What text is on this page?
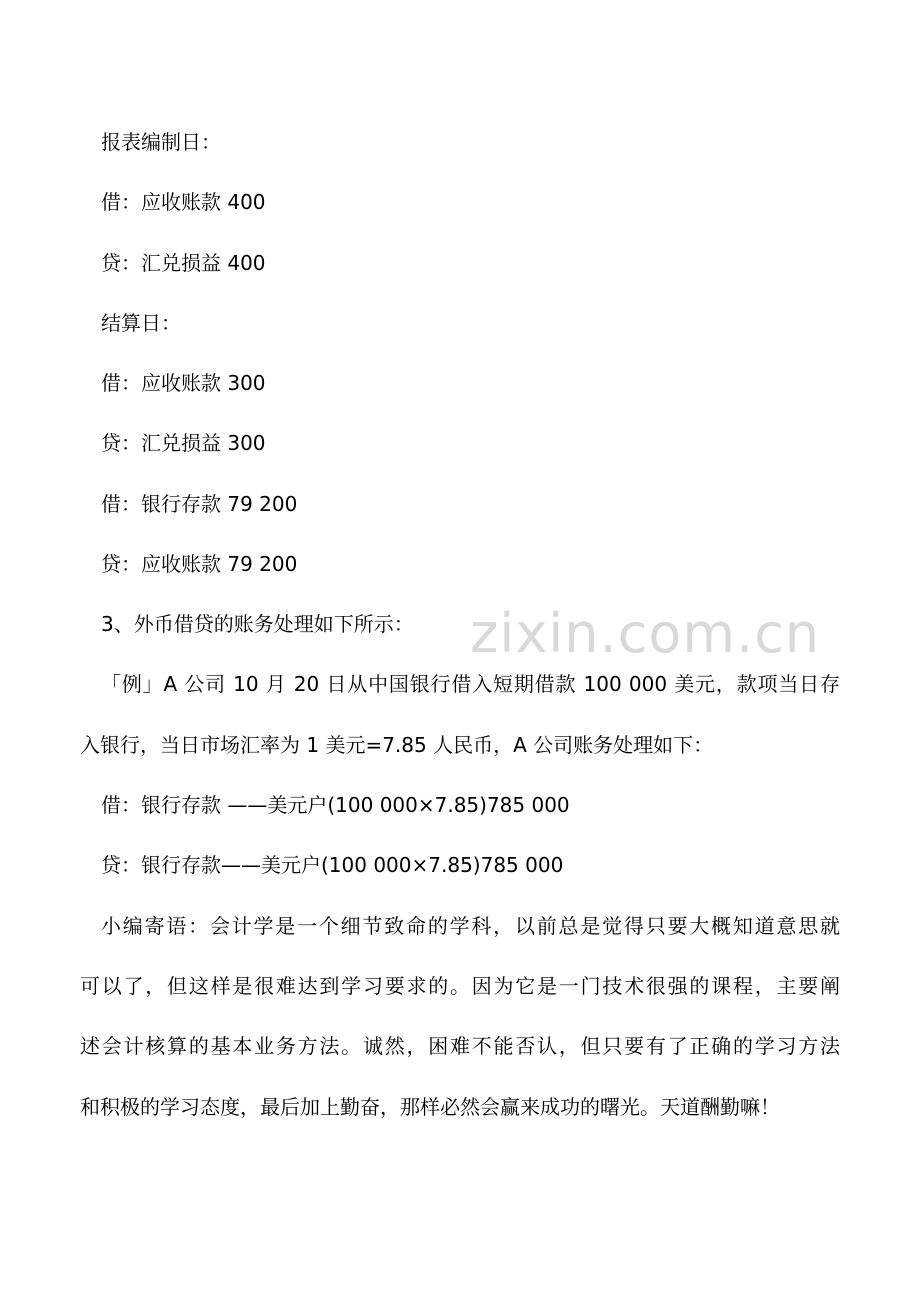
zixin.com.cn
报表编制日：
借：应收账款 400
贷：汇兑损益 400
结算日：
借：应收账款 300
贷：汇兑损益 300
借：银行存款 79 200
贷：应收账款 79 200
3、外币借贷的账务处理如下所示：
「例」A 公司 10 月 20 日从中国银行借入短期借款 100 000 美元，款项当日存
入银行，当日市场汇率为 1 美元=7.85 人民币，A 公司账务处理如下：
借：银行存款 ——美元户(100 000×7.85)785 000
贷：银行存款——美元户(100 000×7.85)785 000
小编寄语：会计学是一个细节致命的学科，以前总是觉得只要大概知道意思就
可以了，但这样是很难达到学习要求的。因为它是一门技术很强的课程，主要阐
述会计核算的基本业务方法。诚然，困难不能否认，但只要有了正确的学习方法
和积极的学习态度，最后加上勤奋，那样必然会赢来成功的曙光。天道酬勤嘛！
